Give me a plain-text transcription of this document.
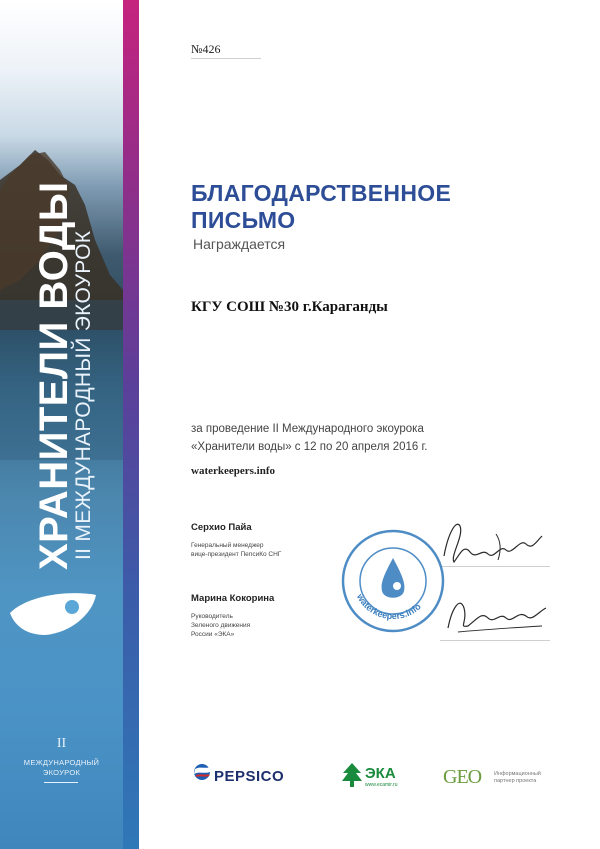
ХРАНИТЕЛИ ВОДЫ
II МЕЖДУНАРОДНЫЙ ЭКОУРОК
II
МЕЖДУНАРОДНЫЙ
ЭКОУРОК
№426
БЛАГОДАРСТВЕННОЕ
ПИСЬМО
Награждается
КГУ СОШ №30 г.Караганды
за проведение II Международного экоурока
«Хранители воды» с 12 по 20 апреля 2016 г.
waterkeepers.info
Серхио Пайа
Генеральный менеджер
вице-президент ПепсиКо СНГ
Марина Кокорина
Руководитель
Зеленого движения
России «ЭКА»
waterkeepers.info
PEPSICO	ЭКА
www.ecamir.ru GEO Информационный
партнер проекта
